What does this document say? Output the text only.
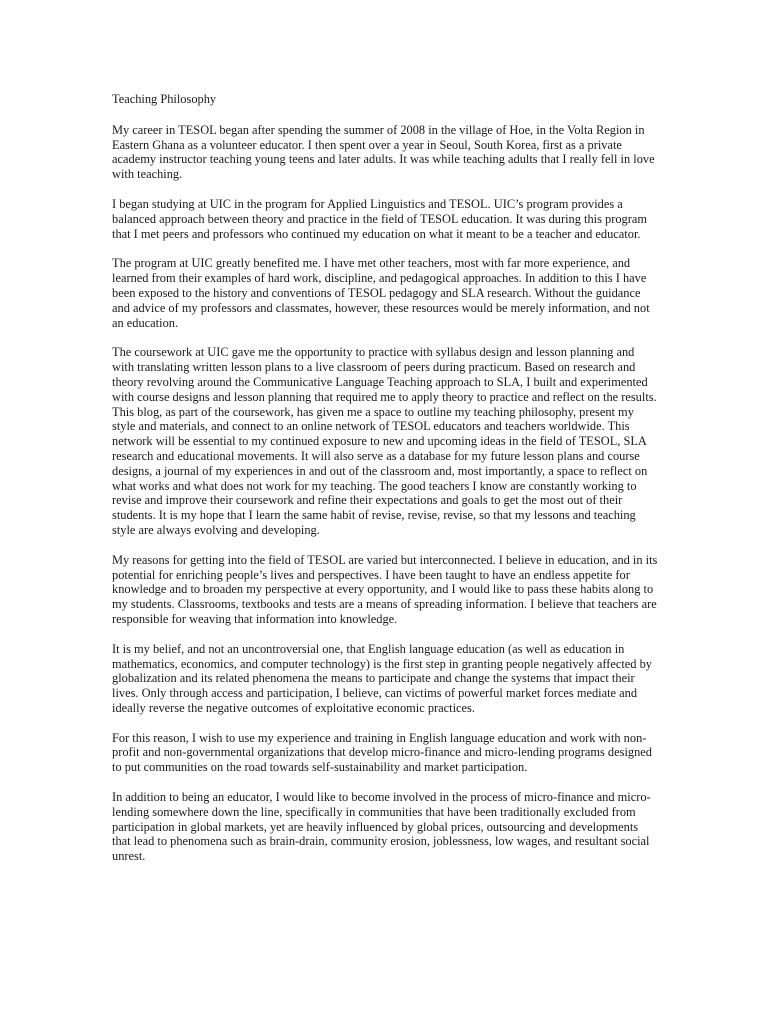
Teaching Philosophy

My career in TESOL began after spending the summer of 2008 in the village of Hoe, in the Volta Region in Eastern Ghana as a volunteer educator. I then spent over a year in Seoul, South Korea, first as a private academy instructor teaching young teens and later adults. It was while teaching adults that I really fell in love with teaching.

I began studying at UIC in the program for Applied Linguistics and TESOL. UIC’s program provides a balanced approach between theory and practice in the field of TESOL education. It was during this program that I met peers and professors who continued my education on what it meant to be a teacher and educator.

The program at UIC greatly benefited me. I have met other teachers, most with far more experience, and learned from their examples of hard work, discipline, and pedagogical approaches. In addition to this I have been exposed to the history and conventions of TESOL pedagogy and SLA research. Without the guidance and advice of my professors and classmates, however, these resources would be merely information, and not an education.

The coursework at UIC gave me the opportunity to practice with syllabus design and lesson planning and with translating written lesson plans to a live classroom of peers during practicum. Based on research and theory revolving around the Communicative Language Teaching approach to SLA, I built and experimented with course designs and lesson planning that required me to apply theory to practice and reflect on the results. This blog, as part of the coursework, has given me a space to outline my teaching philosophy, present my style and materials, and connect to an online network of TESOL educators and teachers worldwide. This network will be essential to my continued exposure to new and upcoming ideas in the field of TESOL, SLA research and educational movements. It will also serve as a database for my future lesson plans and course designs, a journal of my experiences in and out of the classroom and, most importantly, a space to reflect on what works and what does not work for my teaching. The good teachers I know are constantly working to revise and improve their coursework and refine their expectations and goals to get the most out of their students. It is my hope that I learn the same habit of revise, revise, revise, so that my lessons and teaching style are always evolving and developing.

My reasons for getting into the field of TESOL are varied but interconnected. I believe in education, and in its potential for enriching people’s lives and perspectives. I have been taught to have an endless appetite for knowledge and to broaden my perspective at every opportunity, and I would like to pass these habits along to my students. Classrooms, textbooks and tests are a means of spreading information. I believe that teachers are responsible for weaving that information into knowledge.

It is my belief, and not an uncontroversial one, that English language education (as well as education in mathematics, economics, and computer technology) is the first step in granting people negatively affected by globalization and its related phenomena the means to participate and change the systems that impact their lives. Only through access and participation, I believe, can victims of powerful market forces mediate and ideally reverse the negative outcomes of exploitative economic practices.

For this reason, I wish to use my experience and training in English language education and work with non-profit and non-governmental organizations that develop micro-finance and micro-lending programs designed to put communities on the road towards self-sustainability and market participation.

In addition to being an educator, I would like to become involved in the process of micro-finance and micro-lending somewhere down the line, specifically in communities that have been traditionally excluded from participation in global markets, yet are heavily influenced by global prices, outsourcing and developments that lead to phenomena such as brain-drain, community erosion, joblessness, low wages, and resultant social unrest.
